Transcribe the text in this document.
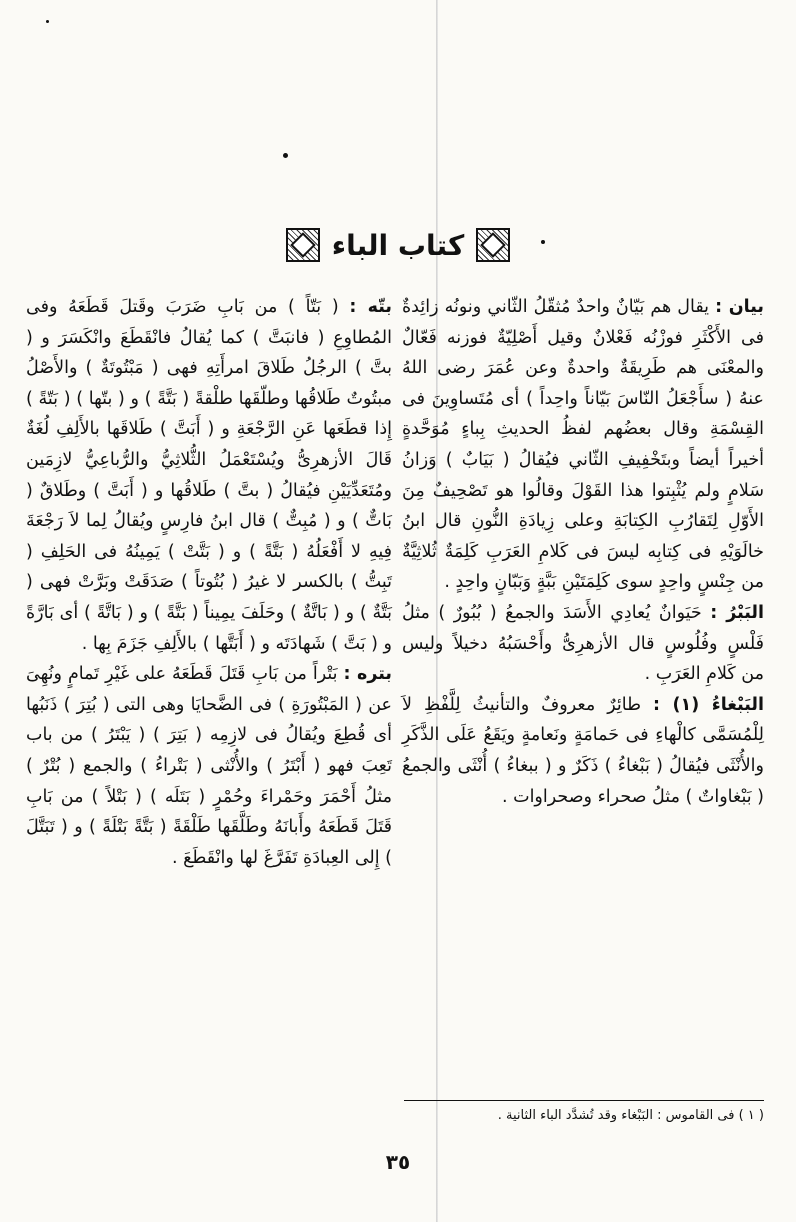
كتاب الباء

بيان : يقال هم بَيّانٌ واحدٌ مُثقّلُ الثّاني ونونُه زائِدةٌ فى الأَكْثَرِ فوزْنُه فَعْلانٌ وقيل أَصْلِيّةٌ فوزنه فَعّالٌ والمعْنَى هم طَرِيقَةٌ واحدةٌ وعن عُمَرَ رضى اللهُ عنهُ ( سأَجْعَلُ النّاسَ بَيّاناً واحِداً ) أى مُتَساوِينَ فى القِسْمَةِ وقال بعضُهم لفظُ الحديثِ بِباءٍ مُوَحَّدةٍ أخيراً أيضاً وبتَخْفِيفِ الثّاني فيُقالُ ( بَيَابٌ ) وَزانُ سَلامٍ ولم يُثْبِتوا هذا القَوْلَ وقالُوا هو تَصْحِيفٌ مِنَ الأَوّلِ لِتَقارُبِ الكِتابَةِ وعلى زِيادَةِ النُّونِ قال ابنُ خالَوَيْهِ فى كِتابِه ليسَ فى كَلامِ العَرَبِ كَلِمَةٌ ثُلاثِيَّةٌ من جِنْسٍ واحِدٍ سوى كَلِمَتَيْنِ بَبَّةٍ وَبَبّانٍ واحِدٍ .

البَبْرُ : حَيَوانٌ يُعادِي الأَسَدَ والجمعُ ( بُبُورٌ ) مثلُ فَلْسٍ وفُلُوسٍ قال الأزهرِىُّ وأَحْسَبُهُ دخيلاً وليس من كَلامِ العَرَبِ .

البَبْغاءُ (١) : طائِرٌ معروفٌ والتأنيثُ لِلَّفْظِ لاَ لِلْمُسَمَّى كالْهاءِ فى حَمامَةٍ ونَعامةٍ ويَقَعُ عَلَى الذَّكَرِ والأُنْثَى فيُقالُ ( بَبْغاءُ ) ذَكَرٌ و ( ببغاءُ ) أُنْثَى والجمعُ ( بَبْغاواتٌ ) مثلُ صحراء وصحراوات .

بتّه : ( بَتّاً ) من بَابِ ضَرَبَ وقَتلَ قَطَعَهُ وفى المُطاوِعِ ( فانبَتَّ ) كما يُقالُ فانْقَطَعَ وانْكَسَرَ و ( بتَّ ) الرجُلُ طَلاقَ امرأَتِهِ فهى ( مَبْتُوتَةٌ ) والأَصْلُ مبتُوتٌ طَلاقُها وطلّقَها طلْقةً ( بَتَّةً ) و ( بتّها ) ( بَتّةً ) إِذا قطَعَها عَنِ الرَّجْعَةِ و ( أَبَتَّ ) طَلاقَها بالأَلِفِ لُغَةٌ قَالَ الأزهرِىُّ ويُسْتَعْمَلُ الثُّلاثِيُّ والرُّباعِيُّ لازِمَين ومُتَعَدِّيَيْنِ فيُقالُ ( بتَّ ) طَلاقُها و ( أَبَتَّ ) وطَلاقٌ ( بَاتٌّ ) و ( مُبِتٌّ ) قال ابنُ فارِسٍ ويُقالُ لِما لاَ رَجْعَةَ فِيهِ لا أَفْعَلُهُ ( بَتَّةً ) و ( بَتَّتْ ) يَمِينُهُ فى الحَلِفِ ( تَبِتُّ ) بالكسر لا غيرُ ( بُتُوتاً ) صَدَقَتْ وبَرَّتْ فهى ( بَتَّةٌ ) و ( بَاتَّةٌ ) وحَلَفَ يمِيناً ( بَتَّةً ) و ( بَاتَّةً ) أى بَارَّةً و ( بَتَّ ) شَهادَتَه و ( أَبَتَّها ) بالأَلِفِ جَزَمَ بِها .

بتره : بَتْراً من بَابِ قَتَلَ قَطَعَهُ على غَيْرِ تَمامٍ ونُهِىَ عن ( المَبْتُورَةِ ) فى الضَّحايَا وهى التى ( بُتِرَ ) ذَنَبُها أى قُطِعَ ويُقالُ فى لازِمِه ( بَتِرَ ) ( يَبْتَرُ ) من باب تَعِبَ فهو ( أَبْتَرُ ) والأُنْثى ( بَتْراءُ ) والجمع ( بُتْرٌ ) مثلُ أَحْمَرَ وحَمْراءَ وحُمْرٍ ( بَتَلَه ) ( بَتْلاً ) من بَابِ قَتَلَ قَطَعَهُ وأَبانَهُ وطَلَّقَها طَلْقَةً ( بَتَّةً بَتْلَةً ) و ( تَبَتَّلَ ) إِلى العِبادَةِ تَفَرَّغَ لها وانْقَطَعَ .

( ١ ) فى القاموس : البَبْغاء وقد تُشدَّد الباء الثانية .
٣٥
